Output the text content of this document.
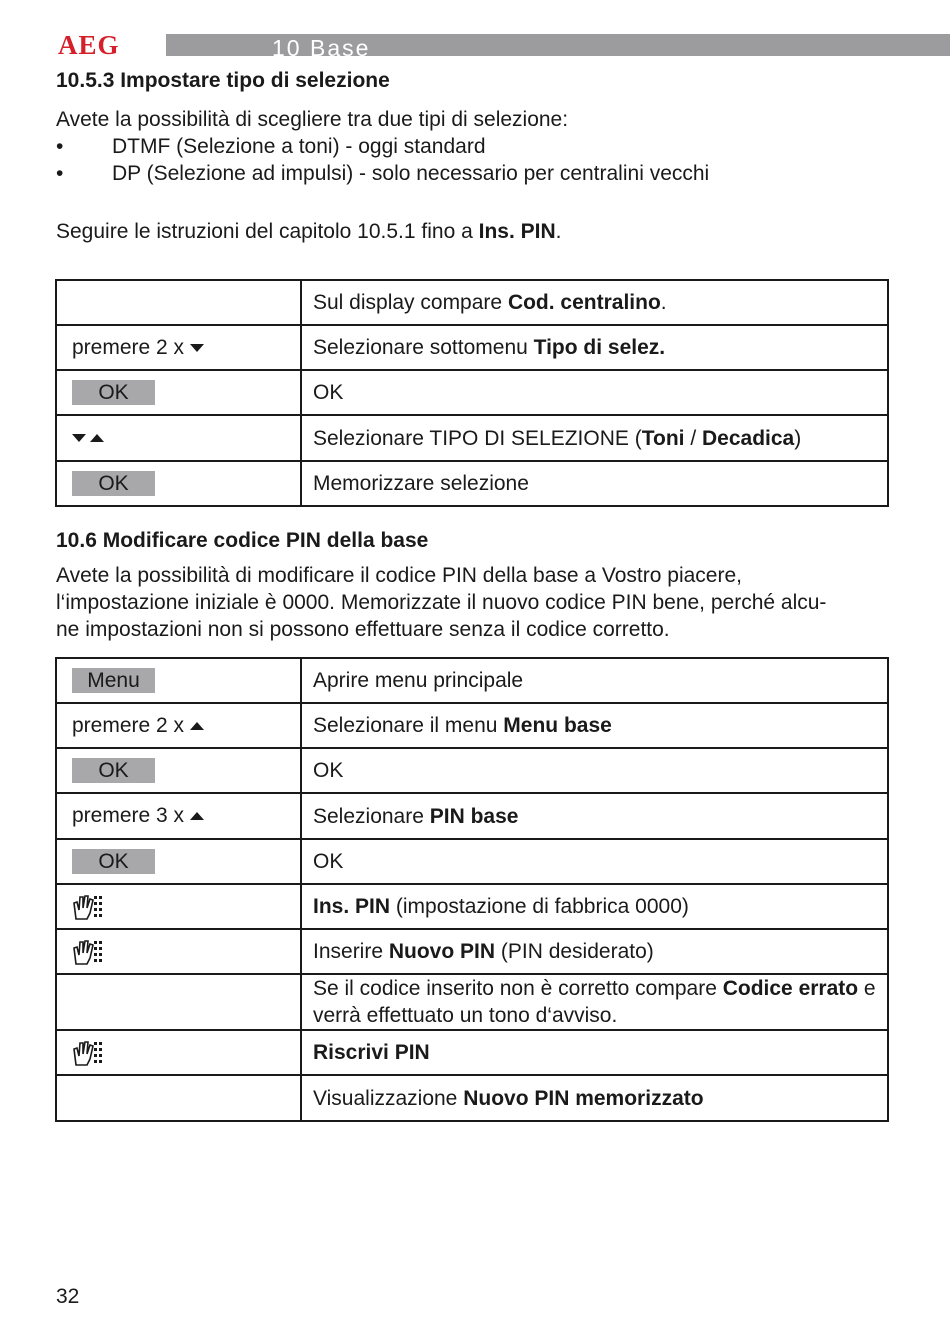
AEG	10 Base
10.5.3 Impostare tipo di selezione

Avete la possibilità di scegliere tra due tipi di selezione:

• DTMF (Selezione a toni) - oggi standard
• DP (Selezione ad impulsi) - solo necessario per centralini vecchi

Seguire le istruzioni del capitolo 10.5.1 fino a Ins. PIN.

	Sul display compare Cod. centralino.
premere 2 x	Selezionare sottomenu Tipo di selez.
OK	OK
	Selezionare TIPO DI SELEZIONE (Toni / Decadica)
OK	Memorizzare selezione
10.6 Modificare codice PIN della base

Avete la possibilità di modificare il codice PIN della base a Vostro piacere,

l‘impostazione iniziale è 0000. Memorizzate il nuovo codice PIN bene, perché alcu-

ne impostazioni non si possono effettuare senza il codice corretto.

Menu	Aprire menu principale
premere 2 x	Selezionare il menu Menu base
OK	OK
premere 3 x	Selezionare PIN base
OK	OK
	Ins. PIN (impostazione di fabbrica 0000)
	Inserire Nuovo PIN (PIN desiderato)
	Se il codice inserito non è corretto compare Codice errato e verrà effettuato un tono d‘avviso.
	Riscrivi PIN
	Visualizzazione Nuovo PIN memorizzato
32
